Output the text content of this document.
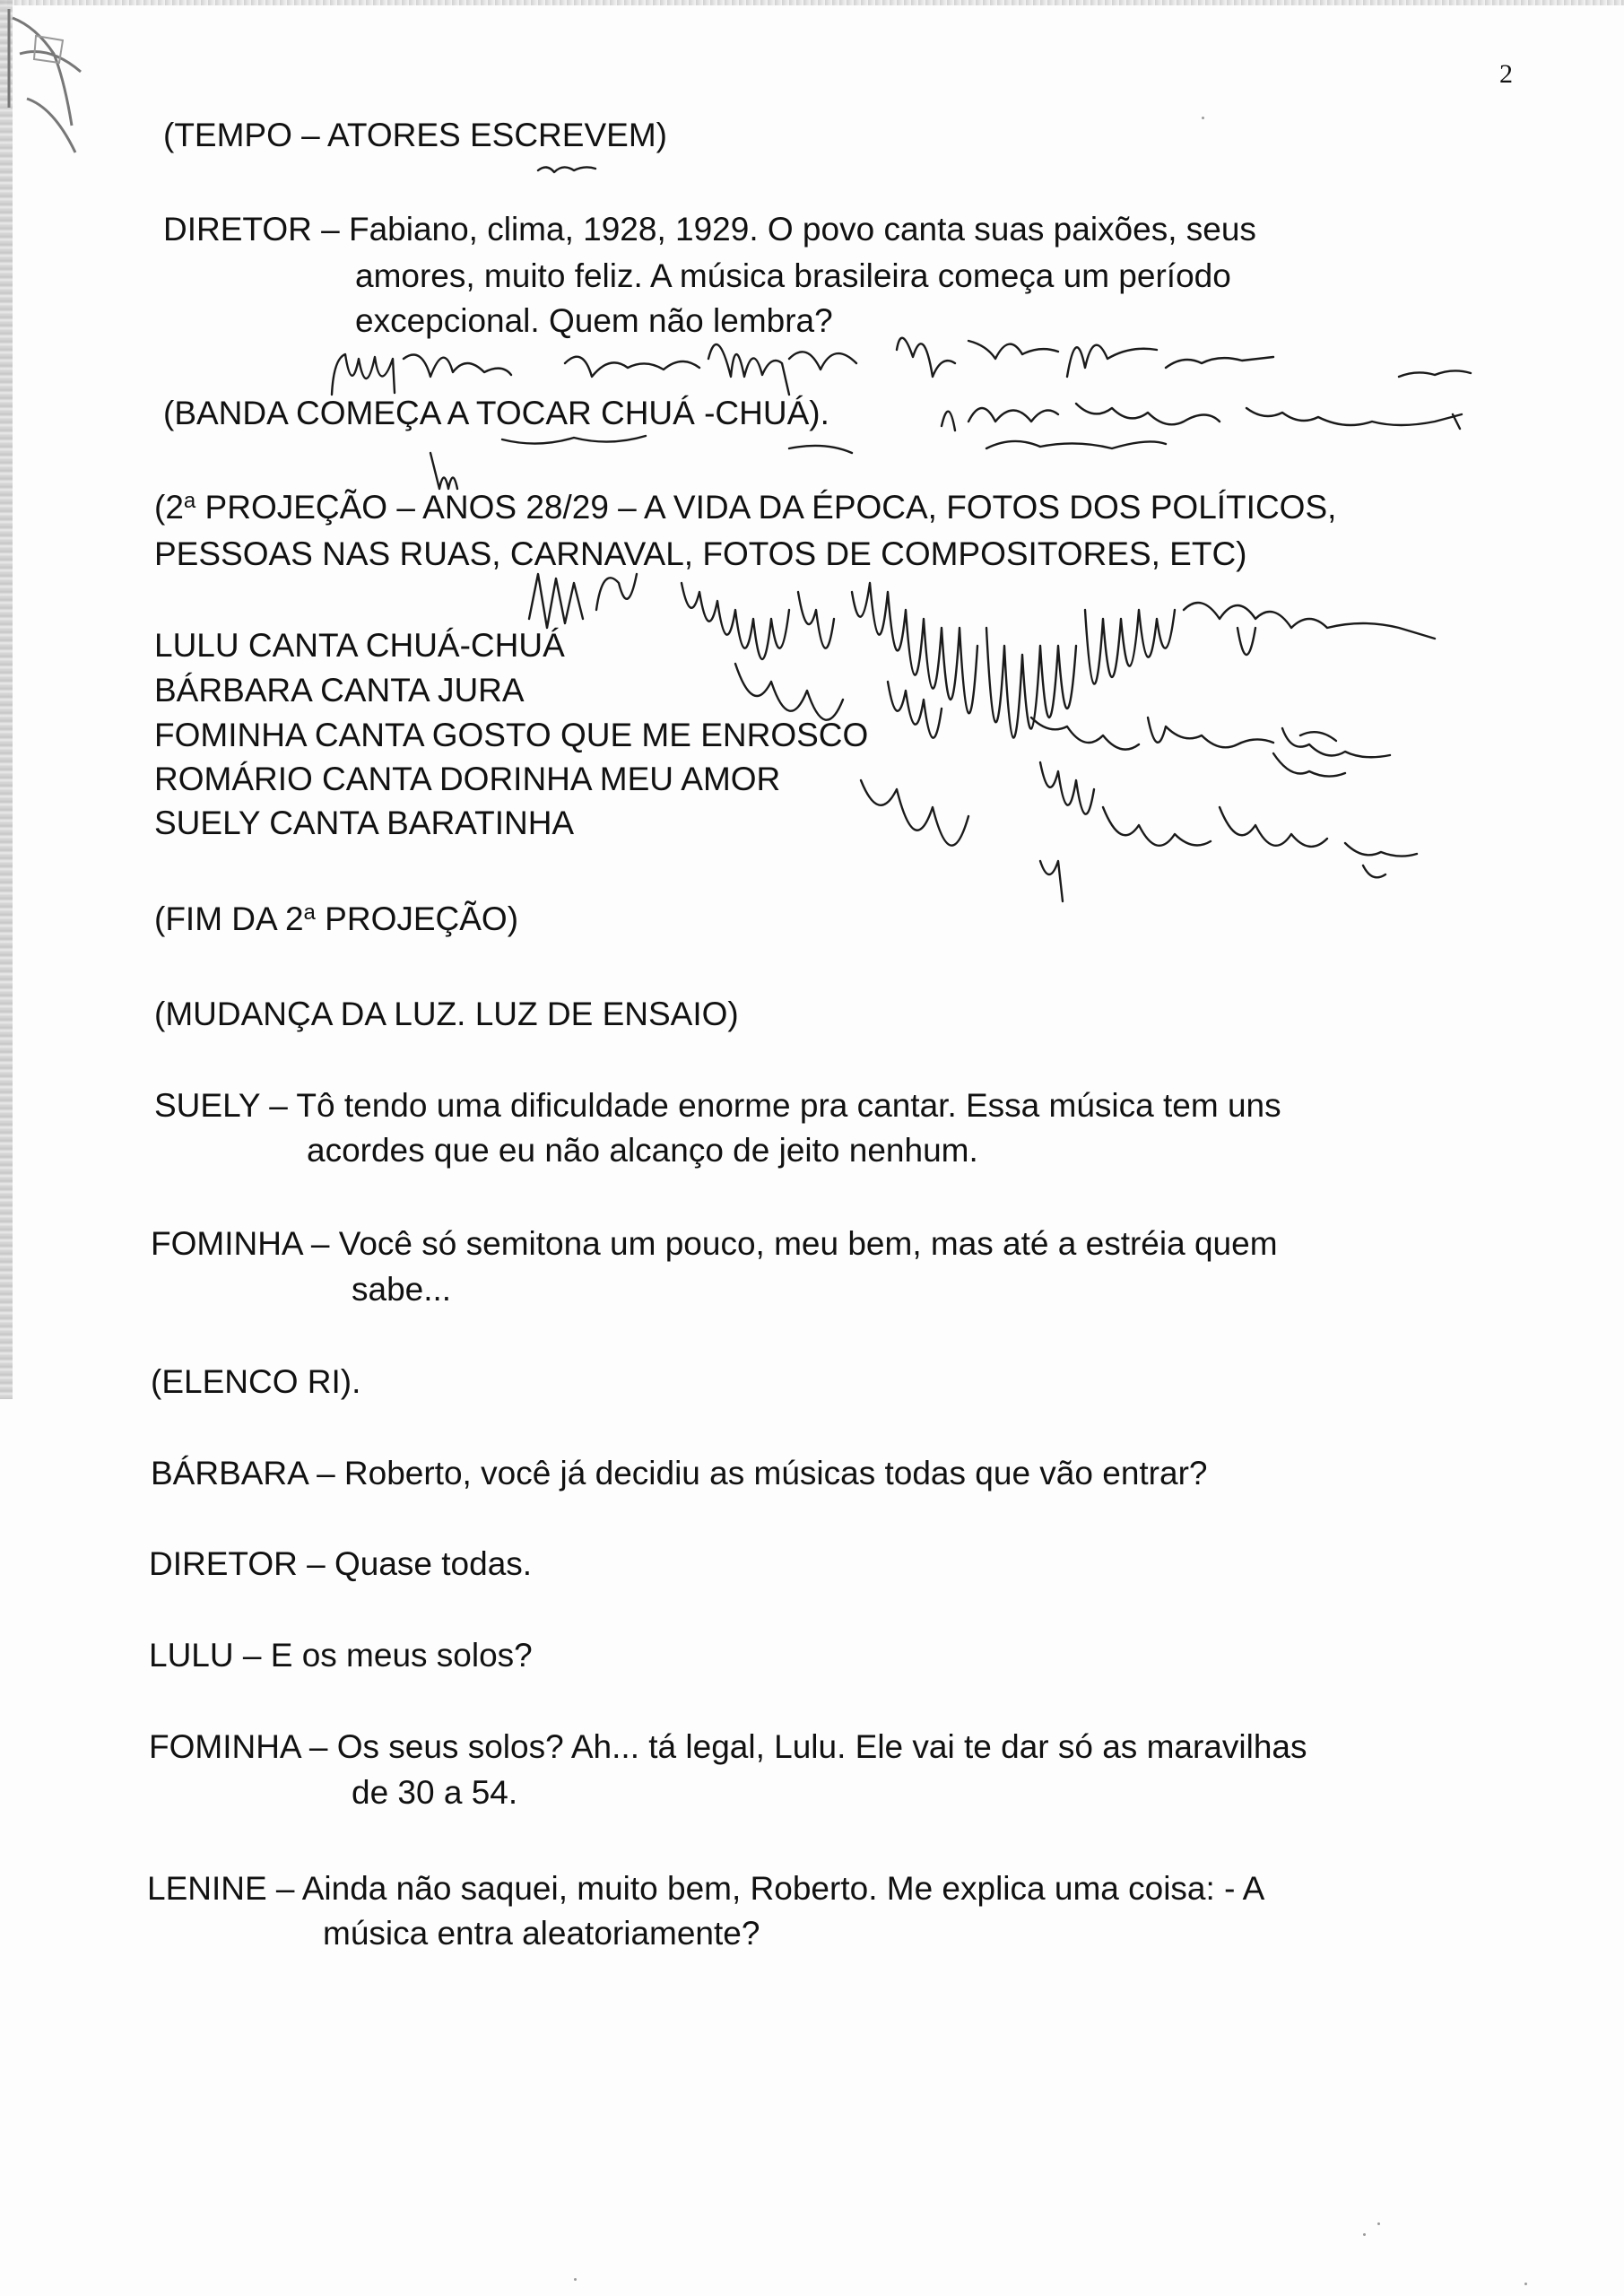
2
(TEMPO – ATORES ESCREVEM)
DIRETOR – Fabiano, clima, 1928, 1929. O povo canta suas paixões, seus
amores, muito feliz. A música brasileira começa um período
excepcional. Quem não lembra?
(BANDA COMEÇA A TOCAR CHUÁ -CHUÁ).
(2$^a$ PROJEÇÃO – ANOS 28/29 – A VIDA DA ÉPOCA, FOTOS DOS POLÍTICOS,
PESSOAS NAS RUAS, CARNAVAL, FOTOS DE COMPOSITORES, ETC)
LULU CANTA CHUÁ-CHUÁ
BÁRBARA CANTA JURA
FOMINHA CANTA GOSTO QUE ME ENROSCO
ROMÁRIO CANTA DORINHA MEU AMOR
SUELY CANTA BARATINHA
(FIM DA 2$^a$ PROJEÇÃO)
(MUDANÇA DA LUZ. LUZ DE ENSAIO)
SUELY – Tô tendo uma dificuldade enorme pra cantar. Essa música tem uns
acordes que eu não alcanço de jeito nenhum.
FOMINHA – Você só semitona um pouco, meu bem, mas até a estréia quem
sabe...
(ELENCO RI).
BÁRBARA – Roberto, você já decidiu as músicas todas que vão entrar?
DIRETOR – Quase todas.
LULU – E os meus solos?
FOMINHA – Os seus solos? Ah... tá legal, Lulu. Ele vai te dar só as maravilhas
de 30 a 54.
LENINE – Ainda não saquei, muito bem, Roberto. Me explica uma coisa: - A
música entra aleatoriamente?
